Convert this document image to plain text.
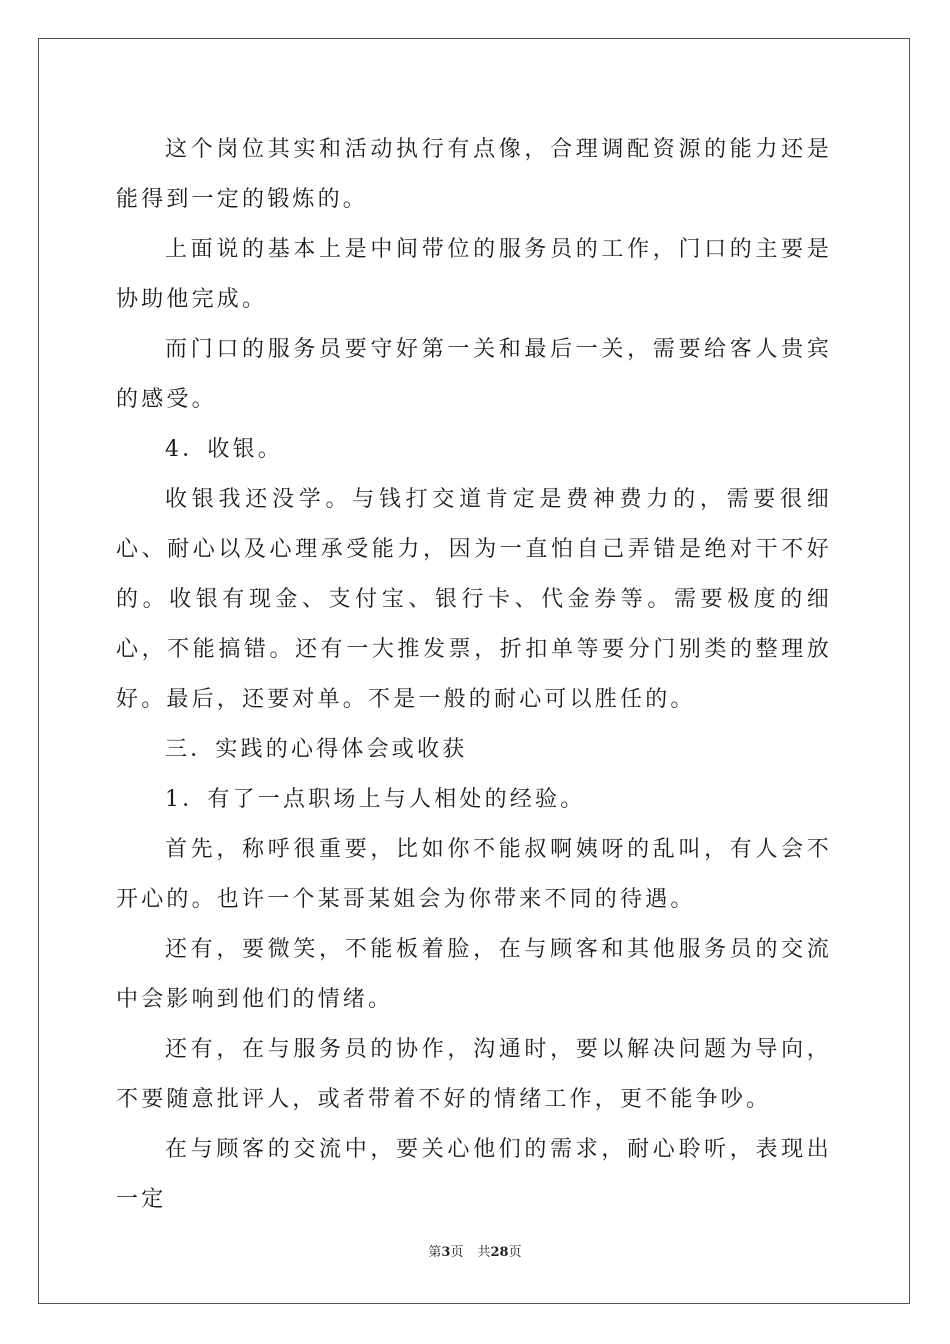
这个岗位其实和活动执行有点像，合理调配资源的能力还是能得到一定的锻炼的。

上面说的基本上是中间带位的服务员的工作，门口的主要是协助他完成。

而门口的服务员要守好第一关和最后一关，需要给客人贵宾的感受。

4．收银。

收银我还没学。与钱打交道肯定是费神费力的，需要很细心、耐心以及心理承受能力，因为一直怕自己弄错是绝对干不好的。收银有现金、支付宝、银行卡、代金券等。需要极度的细心，不能搞错。还有一大推发票，折扣单等要分门别类的整理放好。最后，还要对单。不是一般的耐心可以胜任的。

三．实践的心得体会或收获

1．有了一点职场上与人相处的经验。

首先，称呼很重要，比如你不能叔啊姨呀的乱叫，有人会不开心的。也许一个某哥某姐会为你带来不同的待遇。

还有，要微笑，不能板着脸，在与顾客和其他服务员的交流中会影响到他们的情绪。

还有，在与服务员的协作，沟通时，要以解决问题为导向，不要随意批评人，或者带着不好的情绪工作，更不能争吵。

在与顾客的交流中，要关心他们的需求，耐心聆听，表现出一定

第3页 共28页
